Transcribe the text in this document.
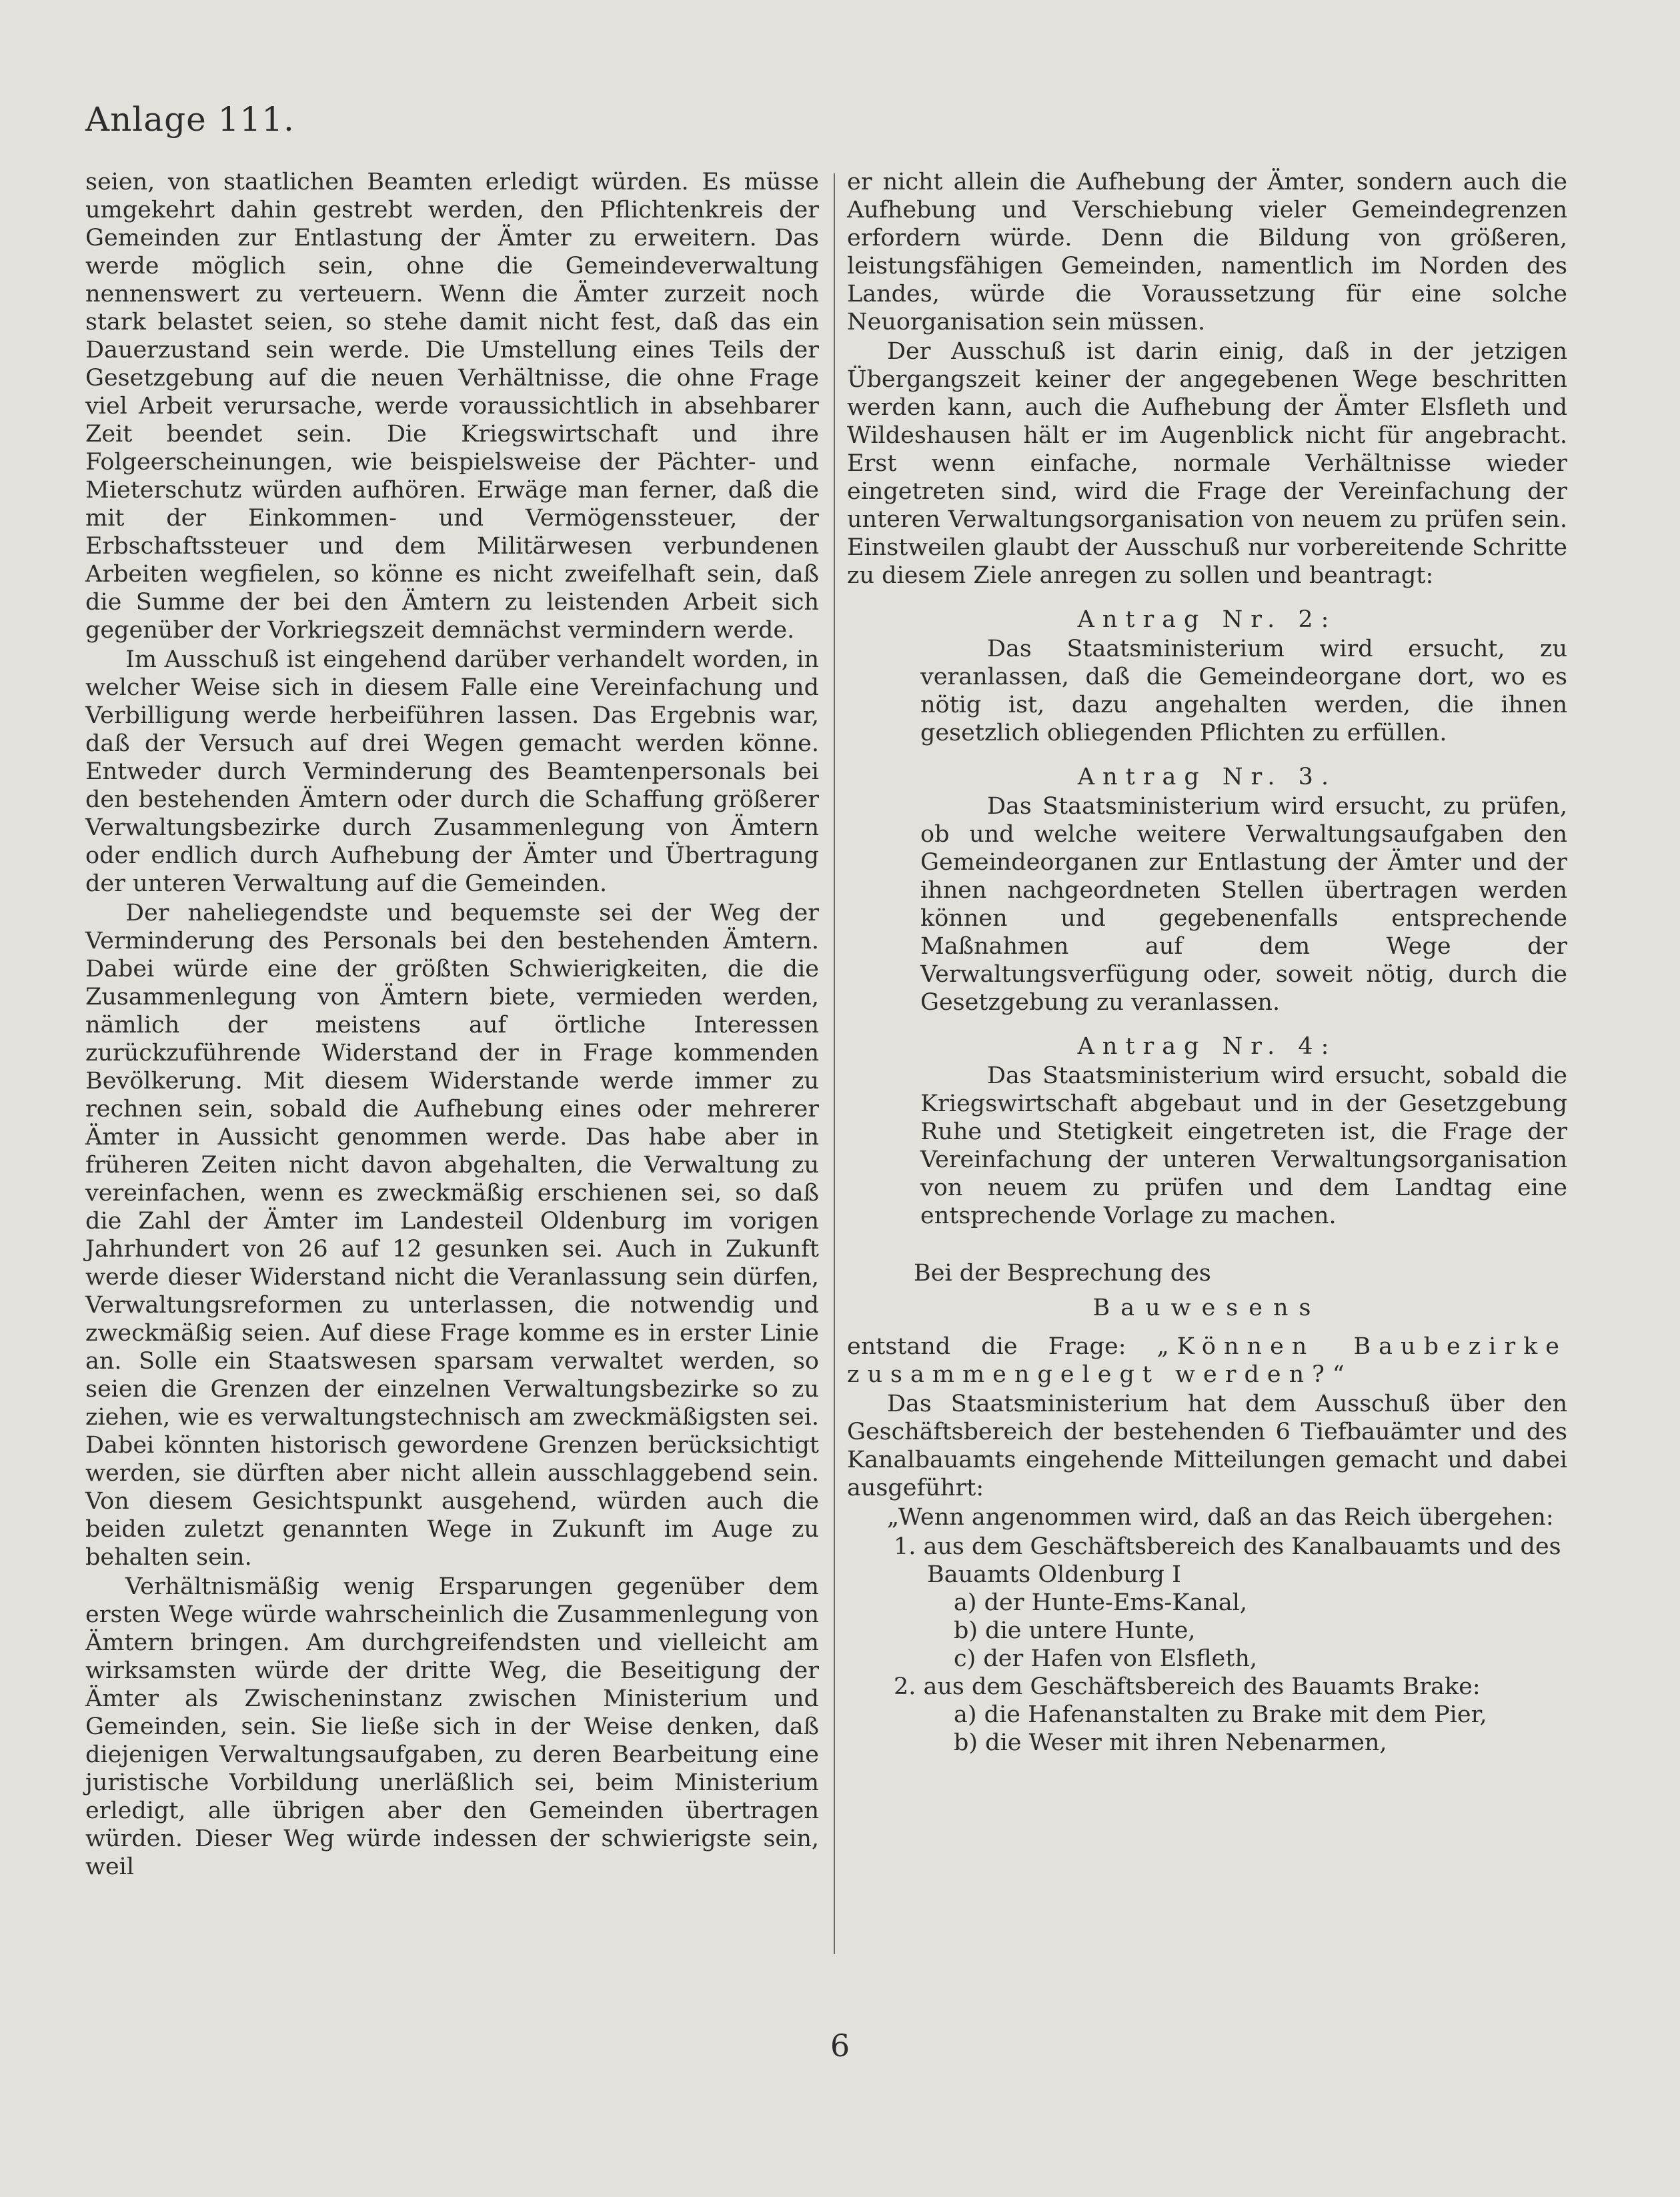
Anlage 111.

seien, von staatlichen Beamten erledigt würden. Es müsse umgekehrt dahin gestrebt werden, den Pflichtenkreis der Gemeinden zur Entlastung der Ämter zu erweitern. Das werde möglich sein, ohne die Gemeindeverwaltung nennenswert zu verteuern. Wenn die Ämter zurzeit noch stark belastet seien, so stehe damit nicht fest, daß das ein Dauerzustand sein werde. Die Umstellung eines Teils der Gesetzgebung auf die neuen Verhältnisse, die ohne Frage viel Arbeit verursache, werde voraussichtlich in absehbarer Zeit beendet sein. Die Kriegswirtschaft und ihre Folgeerscheinungen, wie beispielsweise der Pächter- und Mieterschutz würden aufhören. Erwäge man ferner, daß die mit der Einkommen- und Vermögenssteuer, der Erbschaftssteuer und dem Militärwesen verbundenen Arbeiten wegfielen, so könne es nicht zweifelhaft sein, daß die Summe der bei den Ämtern zu leistenden Arbeit sich gegenüber der Vorkriegszeit demnächst vermindern werde.

Im Ausschuß ist eingehend darüber verhandelt worden, in welcher Weise sich in diesem Falle eine Vereinfachung und Verbilligung werde herbeiführen lassen. Das Ergebnis war, daß der Versuch auf drei Wegen gemacht werden könne. Entweder durch Verminderung des Beamtenpersonals bei den bestehenden Ämtern oder durch die Schaffung größerer Verwaltungsbezirke durch Zusammenlegung von Ämtern oder endlich durch Aufhebung der Ämter und Übertragung der unteren Verwaltung auf die Gemeinden.

Der naheliegendste und bequemste sei der Weg der Verminderung des Personals bei den bestehenden Ämtern. Dabei würde eine der größten Schwierigkeiten, die die Zusammenlegung von Ämtern biete, vermieden werden, nämlich der meistens auf örtliche Interessen zurückzuführende Widerstand der in Frage kommenden Bevölkerung. Mit diesem Widerstande werde immer zu rechnen sein, sobald die Aufhebung eines oder mehrerer Ämter in Aussicht genommen werde. Das habe aber in früheren Zeiten nicht davon abgehalten, die Verwaltung zu vereinfachen, wenn es zweckmäßig erschienen sei, so daß die Zahl der Ämter im Landesteil Oldenburg im vorigen Jahrhundert von 26 auf 12 gesunken sei. Auch in Zukunft werde dieser Widerstand nicht die Veranlassung sein dürfen, Verwaltungsreformen zu unterlassen, die notwendig und zweckmäßig seien. Auf diese Frage komme es in erster Linie an. Solle ein Staatswesen sparsam verwaltet werden, so seien die Grenzen der einzelnen Verwaltungsbezirke so zu ziehen, wie es verwaltungstechnisch am zweckmäßigsten sei. Dabei könnten historisch gewordene Grenzen berücksichtigt werden, sie dürften aber nicht allein ausschlaggebend sein. Von diesem Gesichtspunkt ausgehend, würden auch die beiden zuletzt genannten Wege in Zukunft im Auge zu behalten sein.

Verhältnismäßig wenig Ersparungen gegenüber dem ersten Wege würde wahrscheinlich die Zusammenlegung von Ämtern bringen. Am durchgreifendsten und vielleicht am wirksamsten würde der dritte Weg, die Beseitigung der Ämter als Zwischeninstanz zwischen Ministerium und Gemeinden, sein. Sie ließe sich in der Weise denken, daß diejenigen Verwaltungsaufgaben, zu deren Bearbeitung eine juristische Vorbildung unerläßlich sei, beim Ministerium erledigt, alle übrigen aber den Gemeinden übertragen würden. Dieser Weg würde indessen der schwierigste sein, weil

er nicht allein die Aufhebung der Ämter, sondern auch die Aufhebung und Verschiebung vieler Gemeindegrenzen erfordern würde. Denn die Bildung von größeren, leistungsfähigen Gemeinden, namentlich im Norden des Landes, würde die Voraussetzung für eine solche Neuorganisation sein müssen.

Der Ausschuß ist darin einig, daß in der jetzigen Übergangszeit keiner der angegebenen Wege beschritten werden kann, auch die Aufhebung der Ämter Elsfleth und Wildeshausen hält er im Augenblick nicht für angebracht. Erst wenn einfache, normale Verhältnisse wieder eingetreten sind, wird die Frage der Vereinfachung der unteren Verwaltungsorganisation von neuem zu prüfen sein. Einstweilen glaubt der Ausschuß nur vorbereitende Schritte zu diesem Ziele anregen zu sollen und beantragt:

Antrag Nr. 2:
Das Staatsministerium wird ersucht, zu veranlassen, daß die Gemeindeorgane dort, wo es nötig ist, dazu angehalten werden, die ihnen gesetzlich obliegenden Pflichten zu erfüllen.
Antrag Nr. 3.
Das Staatsministerium wird ersucht, zu prüfen, ob und welche weitere Verwaltungsaufgaben den Gemeindeorganen zur Entlastung der Ämter und der ihnen nachgeordneten Stellen übertragen werden können und gegebenenfalls entsprechende Maßnahmen auf dem Wege der Verwaltungsverfügung oder, soweit nötig, durch die Gesetzgebung zu veranlassen.
Antrag Nr. 4:
Das Staatsministerium wird ersucht, sobald die Kriegswirtschaft abgebaut und in der Gesetzgebung Ruhe und Stetigkeit eingetreten ist, die Frage der Vereinfachung der unteren Verwaltungsorganisation von neuem zu prüfen und dem Landtag eine entsprechende Vorlage zu machen.
Bei der Besprechung des
Bauwesens

entstand die Frage: „Können Baubezirke zusammengelegt werden?“

Das Staatsministerium hat dem Ausschuß über den Geschäftsbereich der bestehenden 6 Tiefbauämter und des Kanalbauamts eingehende Mitteilungen gemacht und dabei ausgeführt:

„Wenn angenommen wird, daß an das Reich übergehen:

1. aus dem Geschäftsbereich des Kanalbauamts und des Bauamts Oldenburg I
a) der Hunte-Ems-Kanal,
b) die untere Hunte,
c) der Hafen von Elsfleth,
2. aus dem Geschäftsbereich des Bauamts Brake:
a) die Hafenanstalten zu Brake mit dem Pier,
b) die Weser mit ihren Nebenarmen,
6
